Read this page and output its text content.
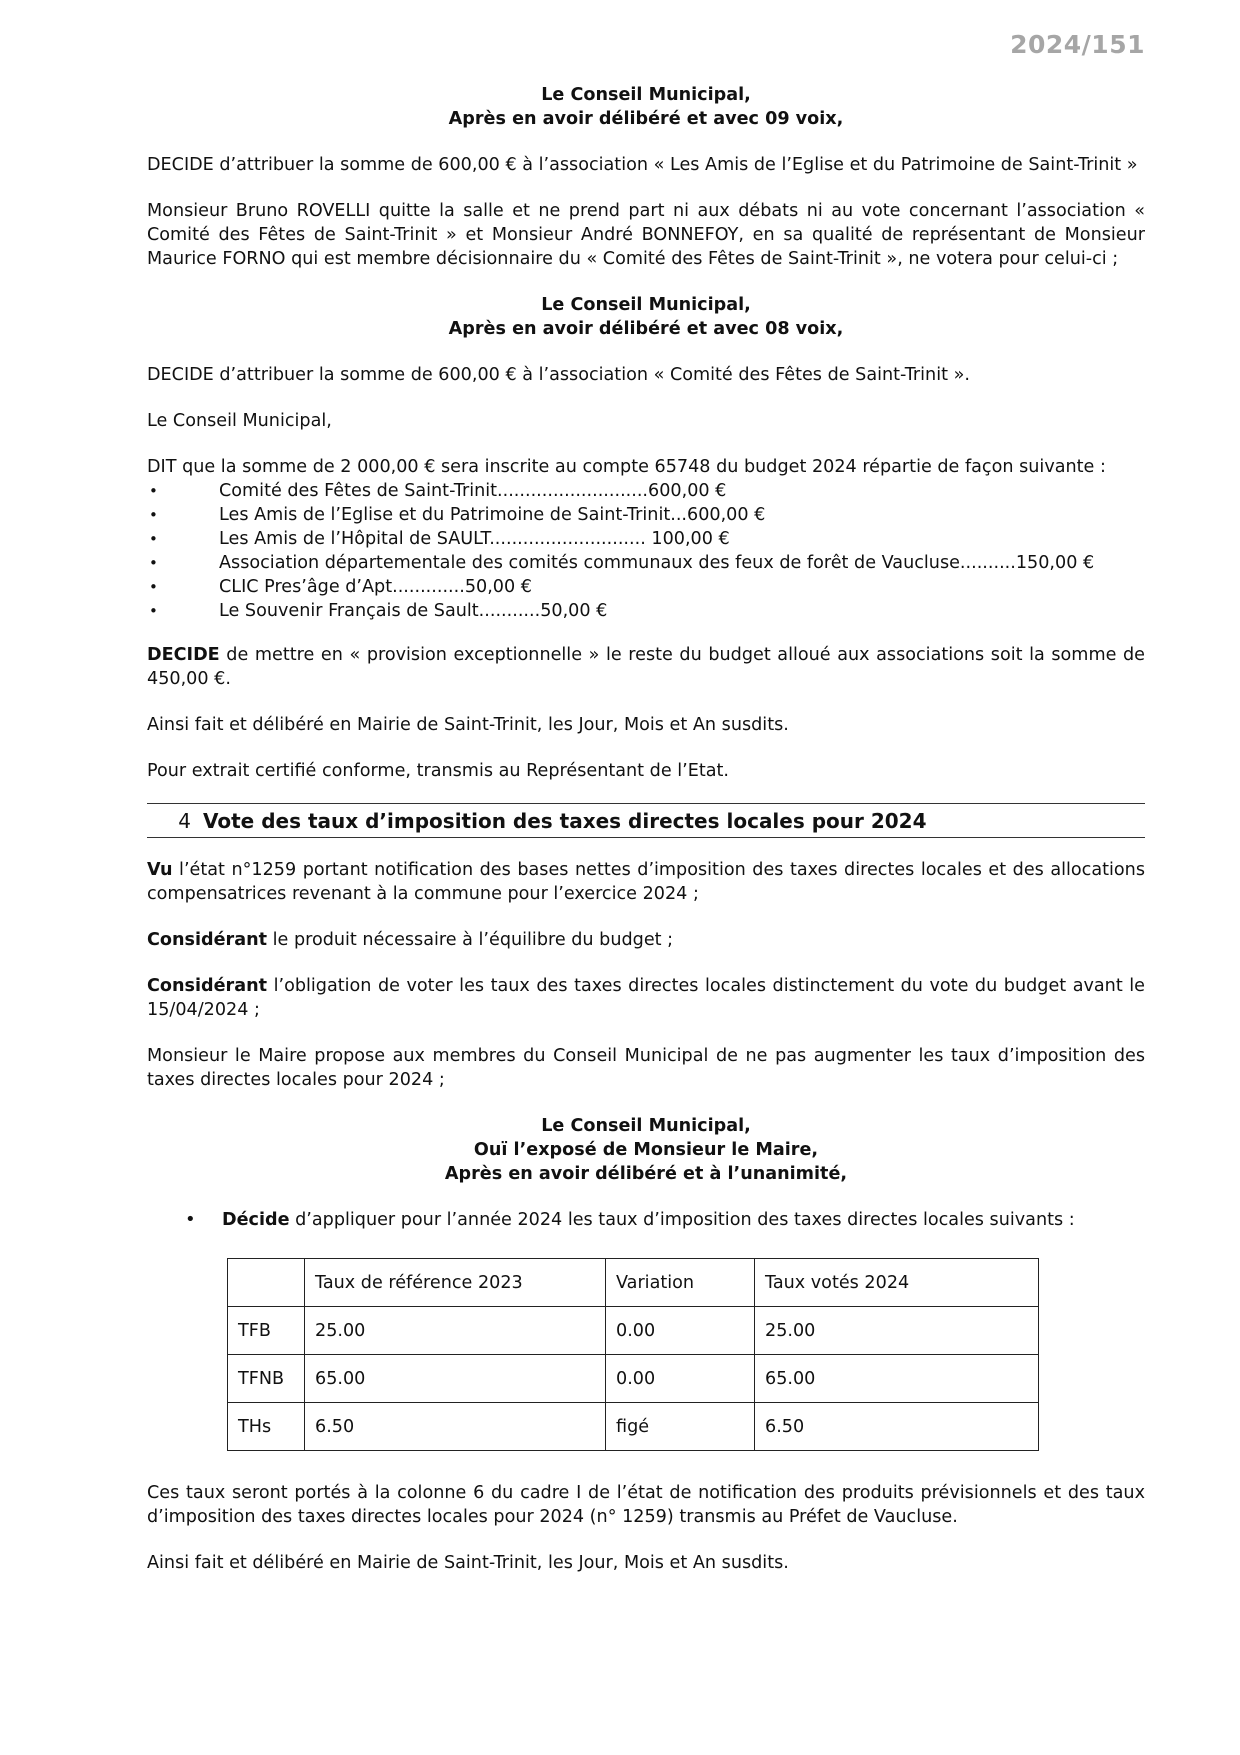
2024/151

Le Conseil Municipal,

Après en avoir délibéré et avec 09 voix,

DECIDE d’attribuer la somme de 600,00 € à l’association « Les Amis de l’Eglise et du Patrimoine de Saint-Trinit »

Monsieur Bruno ROVELLI quitte la salle et ne prend part ni aux débats ni au vote concernant l’association « Comité des Fêtes de Saint-Trinit » et Monsieur André BONNEFOY, en sa qualité de représentant de Monsieur Maurice FORNO qui est membre décisionnaire du « Comité des Fêtes de Saint-Trinit », ne votera pour celui-ci ;

Le Conseil Municipal,

Après en avoir délibéré et avec 08 voix,

DECIDE d’attribuer la somme de 600,00 € à l’association « Comité des Fêtes de Saint-Trinit ».

Le Conseil Municipal,

DIT que la somme de 2 000,00 € sera inscrite au compte 65748 du budget 2024 répartie de façon suivante :

• Comité des Fêtes de Saint-Trinit...........................600,00 €
• Les Amis de l’Eglise et du Patrimoine de Saint-Trinit...600,00 €
• Les Amis de l’Hôpital de SAULT............................ 100,00 €
• Association départementale des comités communaux des feux de forêt de Vaucluse..........150,00 €
• CLIC Pres’âge d’Apt.............50,00 €
• Le Souvenir Français de Sault...........50,00 €

DECIDE de mettre en « provision exceptionnelle » le reste du budget alloué aux associations soit la somme de 450,00 €.

Ainsi fait et délibéré en Mairie de Saint-Trinit, les Jour, Mois et An susdits.

Pour extrait certifié conforme, transmis au Représentant de l’Etat.

4 Vote des taux d’imposition des taxes directes locales pour 2024

Vu l’état n°1259 portant notification des bases nettes d’imposition des taxes directes locales et des allocations compensatrices revenant à la commune pour l’exercice 2024 ;

Considérant le produit nécessaire à l’équilibre du budget ;

Considérant l’obligation de voter les taux des taxes directes locales distinctement du vote du budget avant le 15/04/2024 ;

Monsieur le Maire propose aux membres du Conseil Municipal de ne pas augmenter les taux d’imposition des taxes directes locales pour 2024 ;

Le Conseil Municipal,

Ouï l’exposé de Monsieur le Maire,

Après en avoir délibéré et à l’unanimité,

• Décide d’appliquer pour l’année 2024 les taux d’imposition des taxes directes locales suivants :

	Taux de référence 2023	Variation	Taux votés 2024
TFB	25.00	0.00	25.00
TFNB	65.00	0.00	65.00
THs	6.50	figé	6.50

Ces taux seront portés à la colonne 6 du cadre I de l’état de notification des produits prévisionnels et des taux d’imposition des taxes directes locales pour 2024 (n° 1259) transmis au Préfet de Vaucluse.

Ainsi fait et délibéré en Mairie de Saint-Trinit, les Jour, Mois et An susdits.
